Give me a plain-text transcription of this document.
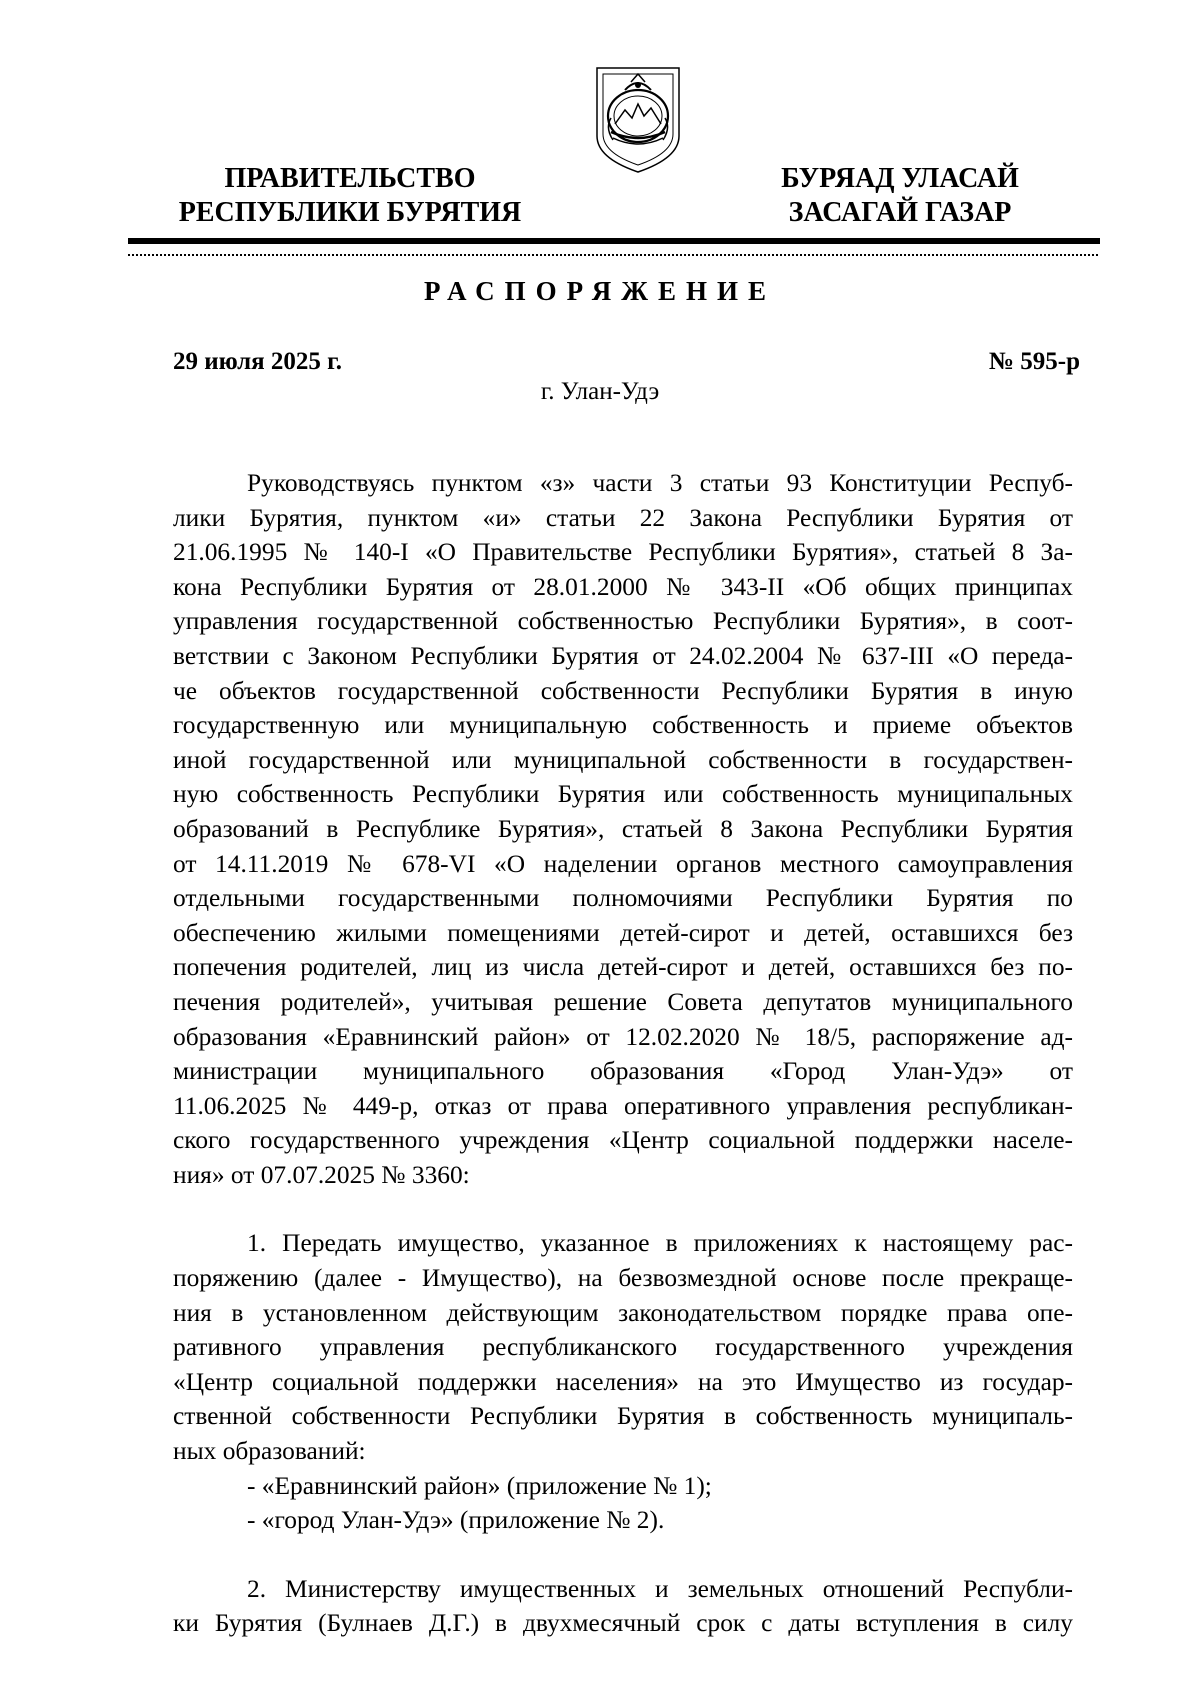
ПРАВИТЕЛЬСТВО
РЕСПУБЛИКИ БУРЯТИЯ
БУРЯАД УЛАСАЙ
ЗАСАГАЙ ГАЗАР
РАСПОРЯЖЕНИЕ
29 июля 2025 г.	№ 595-р
г. Улан-Удэ

Руководствуясь пунктом «з» части 3 статьи 93 Конституции Респуб-
лики Бурятия, пунктом «и» статьи 22 Закона Республики Бурятия от
21.06.1995 № 140-I «О Правительстве Республики Бурятия», статьей 8 За-
кона Республики Бурятия от 28.01.2000 № 343-II «Об общих принципах
управления государственной собственностью Республики Бурятия», в соот-
ветствии с Законом Республики Бурятия от 24.02.2004 № 637-III «О переда-
че объектов государственной собственности Республики Бурятия в иную
государственную или муниципальную собственность и приеме объектов
иной государственной или муниципальной собственности в государствен-
ную собственность Республики Бурятия или собственность муниципальных
образований в Республике Бурятия», статьей 8 Закона Республики Бурятия
от 14.11.2019 № 678-VI «О наделении органов местного самоуправления
отдельными государственными полномочиями Республики Бурятия по
обеспечению жилыми помещениями детей-сирот и детей, оставшихся без
попечения родителей, лиц из числа детей-сирот и детей, оставшихся без по-
печения родителей», учитывая решение Совета депутатов муниципального
образования «Еравнинский район» от 12.02.2020 № 18/5, распоряжение ад-
министрации муниципального образования «Город Улан-Удэ» от
11.06.2025 № 449-р, отказ от права оперативного управления республикан-
ского государственного учреждения «Центр социальной поддержки населе-
ния» от 07.07.2025 № 3360:

1. Передать имущество, указанное в приложениях к настоящему рас-
поряжению (далее - Имущество), на безвозмездной основе после прекраще-
ния в установленном действующим законодательством порядке права опе-
ративного управления республиканского государственного учреждения
«Центр социальной поддержки населения» на это Имущество из государ-
ственной собственности Республики Бурятия в собственность муниципаль-
ных образований:
- «Еравнинский район» (приложение № 1);
- «город Улан-Удэ» (приложение № 2).

2. Министерству имущественных и земельных отношений Республи-
ки Бурятия (Булнаев Д.Г.) в двухмесячный срок с даты вступления в силу
